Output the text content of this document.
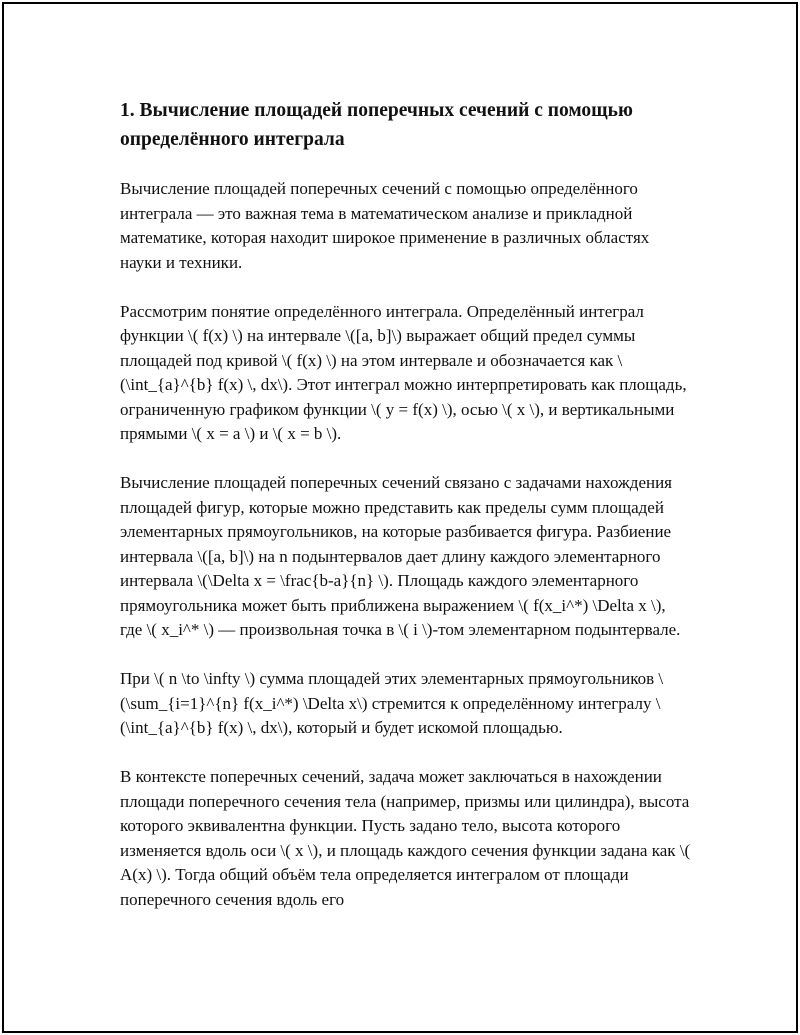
1. Вычисление площадей поперечных сечений с помощью определённого интеграла

Вычисление площадей поперечных сечений с помощью определённого интеграла — это важная тема в математическом анализе и прикладной математике, которая находит широкое применение в различных областях науки и техники.

Рассмотрим понятие определённого интеграла. Определённый интеграл функции \( f(x) \) на интервале \([a, b]\) выражает общий предел суммы площадей под кривой \( f(x) \) на этом интервале и обозначается как \(\int_{a}^{b} f(x) \, dx\). Этот интеграл можно интерпретировать как площадь, ограниченную графиком функции \( y = f(x) \), осью \( x \), и вертикальными прямыми \( x = a \) и \( x = b \).

Вычисление площадей поперечных сечений связано с задачами нахождения площадей фигур, которые можно представить как пределы сумм площадей элементарных прямоугольников, на которые разбивается фигура. Разбиение интервала \([a, b]\) на n подынтервалов дает длину каждого элементарного интервала \(\Delta x = \frac{b-a}{n} \). Площадь каждого элементарного прямоугольника может быть приближена выражением \( f(x_i^*) \Delta x \), где \( x_i^* \) — произвольная точка в \( i \)-том элементарном подынтервале.

При \( n \to \infty \) сумма площадей этих элементарных прямоугольников \(\sum_{i=1}^{n} f(x_i^*) \Delta x\) стремится к определённому интегралу \(\int_{a}^{b} f(x) \, dx\), который и будет искомой площадью.

В контексте поперечных сечений, задача может заключаться в нахождении площади поперечного сечения тела (например, призмы или цилиндра), высота которого эквивалентна функции. Пусть задано тело, высота которого изменяется вдоль оси \( x \), и площадь каждого сечения функции задана как \( A(x) \). Тогда общий объём тела определяется интегралом от площади поперечного сечения вдоль его
